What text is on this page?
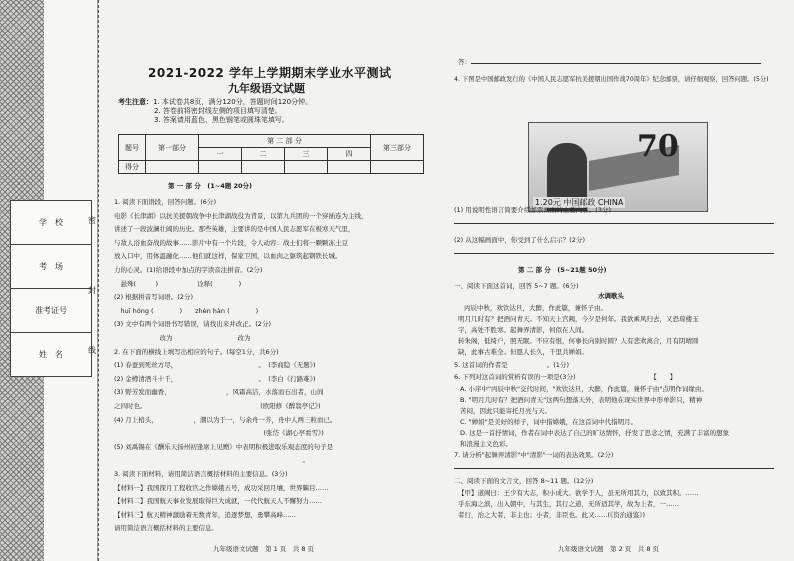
学　校
考　场
准考证号
姓　名
密
封
线
2021-2022 学年上学期期末学业水平测试
九年级语文试题
考生注意：1. 本试卷共8页，满分120分，答题时间120分钟。
2. 答卷前将密封线左侧的项目填写清楚。
3. 答案请用蓝色、黑色钢笔或圆珠笔填写。
题号	第一部分	第 二 部 分				第三部分
		一	二	三	四	
得分						
第 一 部 分　(1~4题 20分)
1. 阅读下面语段，回答问题。(6分)
电影《长津湖》以抗美援朝战争中长津湖战役为背景，以第九兵团的一个穿插连为主线，
讲述了一段波澜壮阔的历史。那些英雄，主要讲的是中国人民志愿军在极寒天气里，
与敌人浴血奋战的故事……影片中有一个片段，令人动容：战士们将一颗颗冻土豆
放入口中，用体温融化……他们就这样，保家卫国，以血肉之躯筑起钢铁长城。
力的心灵。(1)给语段中加点的字读音注拼音。(2分)
　悬殊(　　　)　　　　　　诠释(　　　　)
(2) 根据拼音写词语。(2分)
　huī hóng (　　　　)　　zhèn hàn (　　　　)
(3) 文中有两个词语书写错误，请找出来并改正。(2分)
　　　　　　　改为　　　　　　　　　　改为
2. 在下面的横线上填写出相应的句子。(每空1分，共6分)
(1) 春蚕到死丝方尽，　　　　　　　　　　　　　。　(李商隐《无题》)
(2) 金樽清酒斗十千，　　　　　　　　　　　　　。　(李白《行路难》)
(3) 野芳发而幽香，　　　　　　　　　，风霜高洁，水落而石出者，山间
之四时也。　　　　　　　　　　　　　　　　　　(欧阳修《醉翁亭记》)
(4) 月上梢头，　　　　　　，潮以为于一，与余舟一芥，舟中人两三粒而已。
　　　　　　　　　　　　　　　　　　　　　　　(张岱《湖心亭看雪》)
(5) 刘禹锡在《酬乐天扬州初逢席上见赠》中表明积极进取乐观态度的句子是
　　　　　　　　　　　　　　　　　　　　　　　　　　　　　。
3. 阅读下面材料，请用简洁语言概括材料的主要信息。(3分)
【材料一】我国探月工程收官之作嫦娥五号，成功采回月壤，世界瞩目……
【材料二】我国航天事业发展取得巨大成就，一代代航天人不懈努力……
【材料三】航天精神激励着无数青年，追逐梦想，勇攀高峰……
请用简洁语言概括材料的主要信息。
九年级语文试题　第 1 页　共 8 页
答：
4. 下图是中国邮政发行的《中国人民志愿军抗美援朝出国作战70周年》纪念邮票，请仔细观察，回答问题。(5分)
70
1.20元 中国邮政 CHINA
(1) 用说明性语言简要介绍邮票画面的主要内容。(3分)
(2) 从这幅画面中，你受到了什么启示？(2分)
第 二 部 分　(5~21题 50分)
一、阅读下面这首词，回答 5~7 题。(6分)
水调歌头
丙辰中秋，欢饮达旦，大醉，作此篇，兼怀子由。
明月几时有？把酒问青天。不知天上宫阙，今夕是何年。我欲乘风归去，又恐琼楼玉
宇，高处不胜寒。起舞弄清影，何似在人间。
转朱阁，低绮户，照无眠。不应有恨，何事长向别时圆？人有悲欢离合，月有阴晴圆
缺，此事古难全。但愿人长久，千里共婵娟。
5. 这首词的作者是　　　　　　。(1分)
6. 下列对这首词的赏析有误的一项是(3分)　　　　　　　　　　　　【　　】
A. 小序中"丙辰中秋"交代时间，"欢饮达旦，大醉，作此篇，兼怀子由"点明作词缘由。
B. "明月几时有？把酒问青天"这两句想落天外，表明他在现实世界中形单影只，精神
苦闷，因此只能寄托月亮与天。
C. "婵娟"是美好的样子，词中指嫦娥，在这首词中代指明月。
D. 这是一首抒情词，作者在词中表达了自己的旷达情怀，抒发了思念之情，充满了丰富的想象
和浪漫主义色彩。
7. 请分析"起舞弄清影"中"清影"一词的表达效果。(2分)
二、阅读下面的文言文，回答 8~11 题。(12分)
【甲】道阙曰：王少有大志，积小成大。欲学于人，虽无所用其力，以致其积。……
乎东海之滨，出入朝中，与其生，其行之道，无所适其学，故为上者，一……
者行，治之大者，非主也；小者，非臣也。此又……(《资治通鉴》)
九年级语文试题　第 2 页　共 8 页
